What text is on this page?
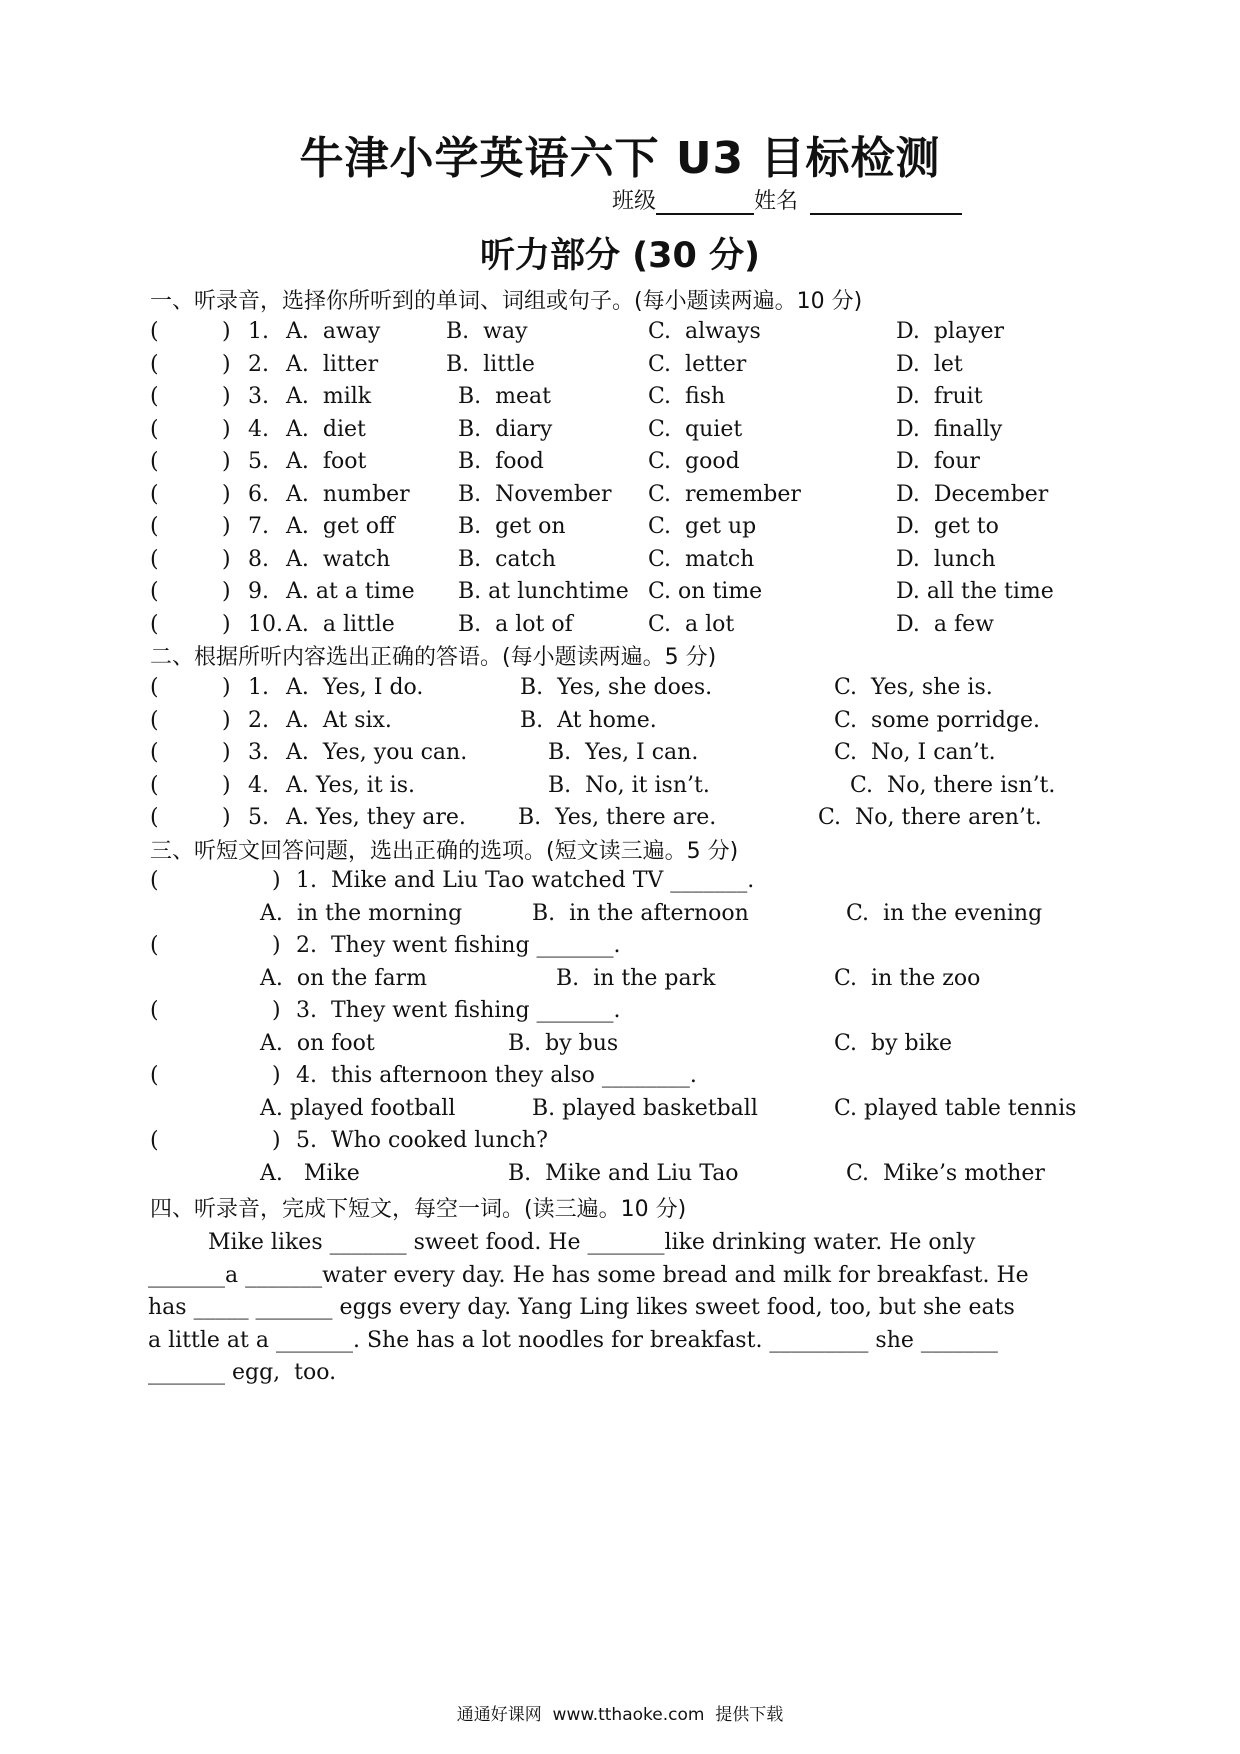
牛津小学英语六下 U3 目标检测
班级	姓名
听力部分 (30 分)
一、听录音，选择你所听到的单词、词组或句子。(每小题读两遍。10 分)
(	) 1. A.  away	B.  way	C.  always	D.  player
(	) 2. A.  litter	B.  little	C.  letter	D.  let
(	) 3. A.  milk	B.  meat	C.  fish	D.  fruit
(	) 4. A.  diet	B.  diary	C.  quiet	D.  finally
(	) 5. A.  foot	B.  food	C.  good	D.  four
(	) 6. A.  number B.  November C.  remember	D.  December
(	) 7. A.  get off	B.  get on	C.  get up	D.  get to
(	) 8. A.  watch	B.  catch	C.  match	D.  lunch
(	) 9. A. at a time B. at lunchtime C. on time	D. all the time
(	) 10. A.  a little	B.  a lot of	C.  a lot	D.  a few
二、根据所听内容选出正确的答语。(每小题读两遍。5 分)
(	) 1. A.  Yes, I do.	B.  Yes, she does.	C.  Yes, she is.
(	) 2. A.  At six.	B.  At home.	C.  some porridge.
(	) 3. A.  Yes, you can.	B.  Yes, I can.	C.  No, I can’t.
(	) 4. A. Yes, it is.	B.  No, it isn’t.	C.  No, there isn’t.
(	) 5. A. Yes, they are. B.  Yes, there are.	C.  No, there aren’t.
三、听短文回答问题，选出正确的选项。(短文读三遍。5 分)
(	) 1.  Mike and Liu Tao watched TV _______.
A.  in the morning	B.  in the afternoon	C.  in the evening
(	) 2.  They went fishing _______.
A.  on the farm	B.  in the park	C.  in the zoo
(	) 3.  They went fishing _______.
A.  on foot	B.  by bus	C.  by bike
(	) 4.  this afternoon they also ________.
A. played football	B. played basketball	C. played table tennis
(	) 5.  Who cooked lunch?
A.   Mike	B.  Mike and Liu Tao	C.  Mike’s mother
四、听录音，完成下短文，每空一词。(读三遍。10 分)
Mike likes _______ sweet food. He _______like drinking water. He only
_______a _______water every day. He has some bread and milk for breakfast. He
has _____ _______ eggs every day. Yang Ling likes sweet food, too, but she eats
a little at a _______. She has a lot noodles for breakfast. _________ she _______
_______ egg,  too.
通通好课网  www.tthaoke.com  提供下载
